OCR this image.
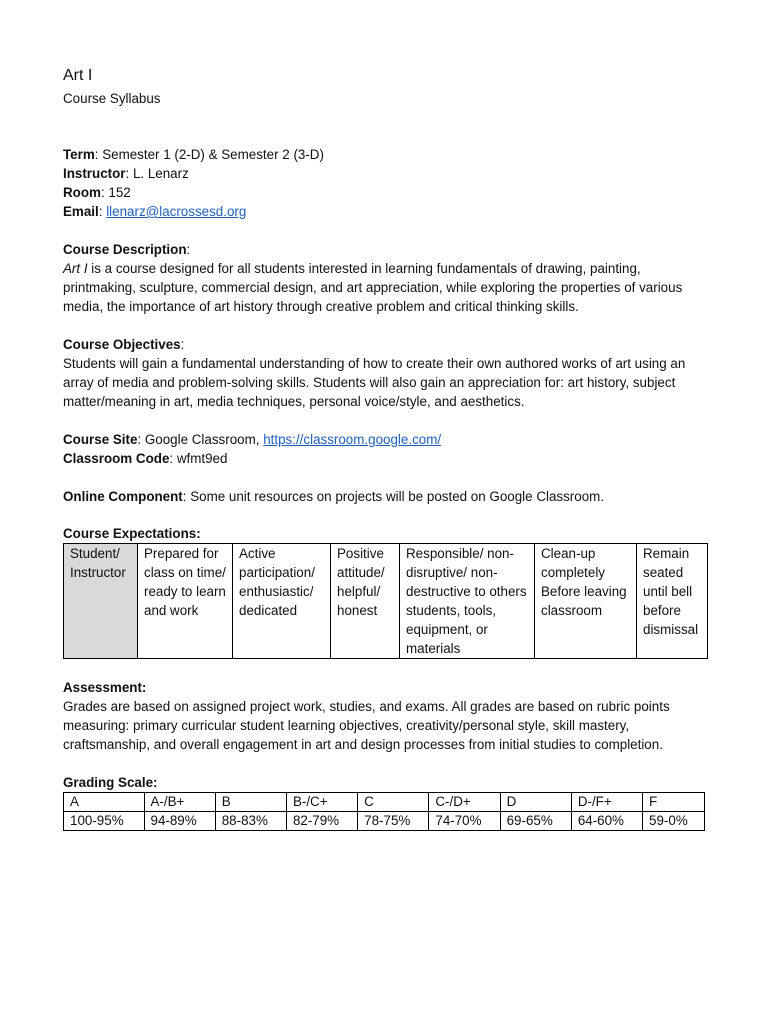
Art I
Course Syllabus
Term: Semester 1 (2-D) & Semester 2 (3-D)
Instructor: L. Lenarz
Room: 152
Email: llenarz@lacrossesd.org
Course Description:

Art I is a course designed for all students interested in learning fundamentals of drawing, painting, printmaking, sculpture, commercial design, and art appreciation, while exploring the properties of various media, the importance of art history through creative problem and critical thinking skills.

Course Objectives:

Students will gain a fundamental understanding of how to create their own authored works of art using an array of media and problem-solving skills. Students will also gain an appreciation for: art history, subject matter/meaning in art, media techniques, personal voice/style, and aesthetics.

Course Site: Google Classroom, https://classroom.google.com/
Classroom Code: wfmt9ed
Online Component: Some unit resources on projects will be posted on Google Classroom.
Course Expectations:
Student/ Instructor	Prepared for class on time/ ready to learn and work	Active participation/ enthusiastic/ dedicated	Positive attitude/ helpful/ honest	Responsible/ non-disruptive/ non-destructive to others students, tools, equipment, or materials	Clean-up completely Before leaving classroom	Remain seated until bell before dismissal
Assessment:

Grades are based on assigned project work, studies, and exams. All grades are based on rubric points measuring: primary curricular student learning objectives, creativity/personal style, skill mastery, craftsmanship, and overall engagement in art and design processes from initial studies to completion.

Grading Scale:
A	A-/B+	B	B-/C+	C	C-/D+	D	D-/F+	F
100-95%	94-89%	88-83%	82-79%	78-75%	74-70%	69-65%	64-60%	59-0%
